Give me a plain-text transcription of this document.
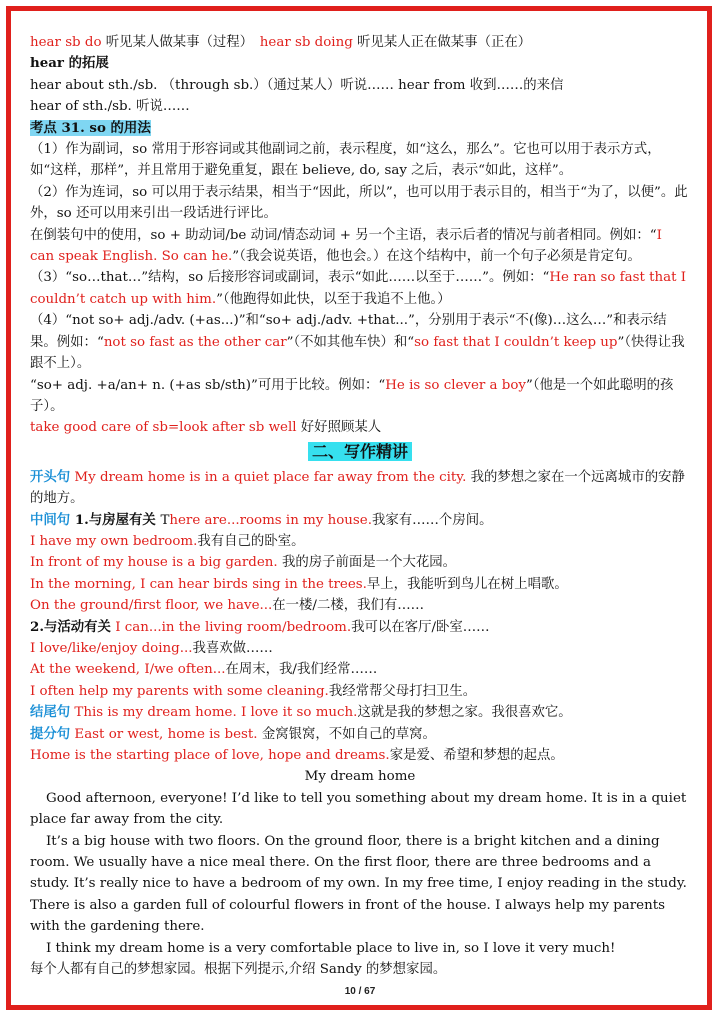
hear sb do 听见某人做某事（过程）　hear sb doing 听见某人正在做某事（正在）
hear 的拓展
hear about sth./sb. （through sb.）（通过某人）听说…… hear from 收到……的来信
hear of sth./sb. 听说……
考点 31. so 的用法
（1）作为副词，so 常用于形容词或其他副词之前，表示程度，如“这么，那么”。它也可以用于表示方式，如“这样，那样”，并且常用于避免重复，跟在 believe, do, say 之后，表示“如此，这样”。
（2）作为连词，so 可以用于表示结果，相当于“因此，所以”，也可以用于表示目的，相当于“为了，以便”。此外，so 还可以用来引出一段话进行评比。
在倒装句中的使用，so + 助动词/be 动词/情态动词 + 另一个主语，表示后者的情况与前者相同。例如：“I can speak English. So can he.”（我会说英语，他也会。）在这个结构中，前一个句子必须是肯定句。
（3）“so…that…”结构，so 后接形容词或副词，表示“如此……以至于……”。例如：“He ran so fast that I couldn’t catch up with him.”（他跑得如此快，以至于我追不上他。）
（4）“not so+ adj./adv. (+as...)”和“so+ adj./adv. +that...”，分别用于表示“不(像)…这么…”和表示结果。例如：“not so fast as the other car”（不如其他车快）和“so fast that I couldn’t keep up”（快得让我跟不上）。
“so+ adj. +a/an+ n. (+as sb/sth)”可用于比较。例如：“He is so clever a boy”（他是一个如此聪明的孩子）。
take good care of sb=look after sb well 好好照顾某人
二、写作精讲
开头句 My dream home is in a quiet place far away from the city. 我的梦想之家在一个远离城市的安静的地方。
中间句 1.与房屋有关 There are...rooms in my house.我家有……个房间。
I have my own bedroom.我有自己的卧室。
In front of my house is a big garden. 我的房子前面是一个大花园。
In the morning, I can hear birds sing in the trees.早上，我能听到鸟儿在树上唱歌。
On the ground/first floor, we have...在一楼/二楼，我们有……
2.与活动有关 I can...in the living room/bedroom.我可以在客厅/卧室……
I love/like/enjoy doing...我喜欢做……
At the weekend, I/we often...在周末，我/我们经常……
I often help my parents with some cleaning.我经常帮父母打扫卫生。
结尾句 This is my dream home. I love it so much.这就是我的梦想之家。我很喜欢它。
提分句 East or west, home is best. 金窝银窝，不如自己的草窝。
Home is the starting place of love, hope and dreams.家是爱、希望和梦想的起点。
My dream home
Good afternoon, everyone! I’d like to tell you something about my dream home. It is in a quiet place far away from the city.
It’s a big house with two floors. On the ground floor, there is a bright kitchen and a dining room. We usually have a nice meal there. On the first floor, there are three bedrooms and a study. It’s really nice to have a bedroom of my own. In my free time, I enjoy reading in the study. There is also a garden full of colourful flowers in front of the house. I always help my parents with the gardening there.
I think my dream home is a very comfortable place to live in, so I love it very much!
每个人都有自己的梦想家园。根据下列提示,介绍 Sandy 的梦想家园。
10 / 67
